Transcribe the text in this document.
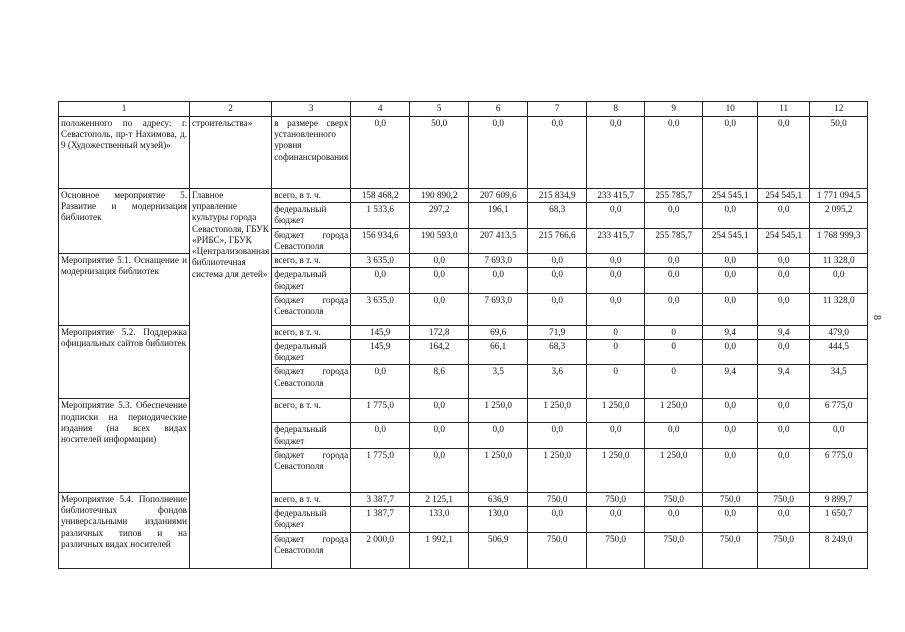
1	2	3	4	5	6	7	8	9	10	11	12
положенного по адресу: г. Севастополь, пр-т Нахимова, д. 9 (Художественный музей)»	строительства»	в размере сверх установленного уровня софинансирования	0,0	50,0	0,0	0,0	0,0	0,0	0,0	0,0	50,0
Основное мероприятие 5. Развитие и модернизация библиотек	Главное управление культуры города Севастополя, ГБУК «РИБС», ГБУК «Централизованная библиотечная система для детей»	всего, в т. ч.	158 468,2	190 890,2	207 609,6	215 834,9	233 415,7	255 785,7	254 545,1	254 545,1	1 771 094,5
		федеральный бюджет	1 533,6	297,2	196,1	68,3	0,0	0,0	0,0	0,0	2 095,2
		бюджет города Севастополя	156 934,6	190 593,0	207 413,5	215 766,6	233 415,7	255 785,7	254 545,1	254 545,1	1 768 999,3
Мероприятие 5.1. Оснащение и модернизация библиотек		всего, в т. ч.	3 635,0	0,0	7 693,0	0,0	0,0	0,0	0,0	0,0	11 328,0
		федеральный бюджет	0,0	0,0	0,0	0,0	0,0	0,0	0,0	0,0	0,0
		бюджет города Севастополя	3 635,0	0,0	7 693,0	0,0	0,0	0,0	0,0	0,0	11 328,0
Мероприятие 5.2. Поддержка официальных сайтов библиотек		всего, в т. ч.	145,9	172,8	69,6	71,9	0	0	9,4	9,4	479,0
		федеральный бюджет	145,9	164,2	66,1	68,3	0	0	0,0	0,0	444,5
		бюджет города Севастополя	0,0	8,6	3,5	3,6	0	0	9,4	9,4	34,5
Мероприятие 5.3. Обеспечение подписки на периодические издания (на всех видах носителей информации)		всего, в т. ч.	1 775,0	0,0	1 250,0	1 250,0	1 250,0	1 250,0	0,0	0,0	6 775,0
		федеральный бюджет	0,0	0,0	0,0	0,0	0,0	0,0	0,0	0,0	0,0
		бюджет города Севастополя	1 775,0	0,0	1 250,0	1 250,0	1 250,0	1 250,0	0,0	0,0	6 775,0
Мероприятие 5.4. Пополнение библиотечных фондов универсальными изданиями различных типов и на различных видах носителей		всего, в т. ч.	3 387,7	2 125,1	636,9	750,0	750,0	750,0	750,0	750,0	9 899,7
		федеральный бюджет	1 387,7	133,0	130,0	0,0	0,0	0,0	0,0	0,0	1 650,7
		бюджет города Севастополя	2 000,0	1 992,1	506,9	750,0	750,0	750,0	750,0	750,0	8 249,0
8
